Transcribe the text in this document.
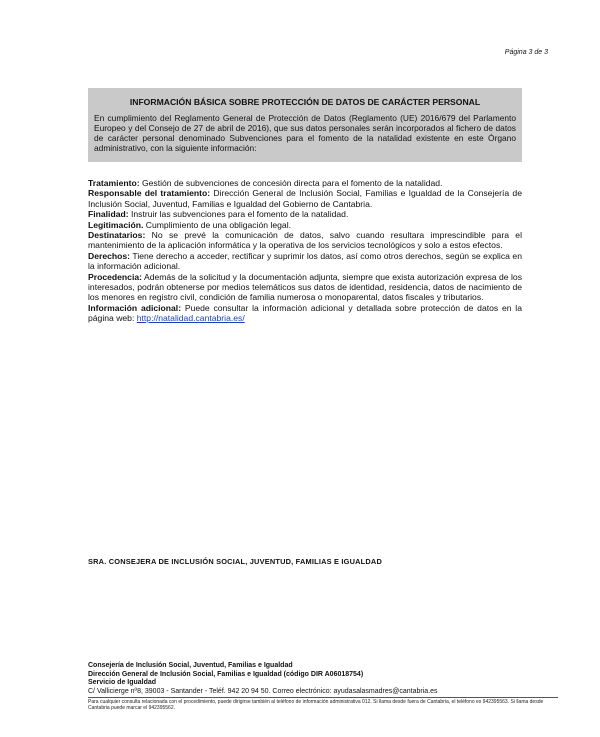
Página 3 de 3
INFORMACIÓN BÁSICA SOBRE PROTECCIÓN DE DATOS DE CARÁCTER PERSONAL

En cumplimiento del Reglamento General de Protección de Datos (Reglamento (UE) 2016/679 del Parlamento Europeo y del Consejo de 27 de abril de 2016), que sus datos personales serán incorporados al fichero de datos de carácter personal denominado Subvenciones para el fomento de la natalidad existente en este Órgano administrativo, con la siguiente información:

Tratamiento: Gestión de subvenciones de concesión directa para el fomento de la natalidad.

Responsable del tratamiento: Dirección General de Inclusión Social, Familias e Igualdad de la Consejería de Inclusión Social, Juventud, Familias e Igualdad del Gobierno de Cantabria.

Finalidad: Instruir las subvenciones para el fomento de la natalidad.

Legitimación. Cumplimiento de una obligación legal.

Destinatarios: No se prevé la comunicación de datos, salvo cuando resultara imprescindible para el mantenimiento de la aplicación informática y la operativa de los servicios tecnológicos y solo a estos efectos.

Derechos: Tiene derecho a acceder, rectificar y suprimir los datos, así como otros derechos, según se explica en la información adicional.

Procedencia: Además de la solicitud y la documentación adjunta, siempre que exista autorización expresa de los interesados, podrán obtenerse por medios telemáticos sus datos de identidad, residencia, datos de nacimiento de los menores en registro civil, condición de familia numerosa o monoparental, datos fiscales y tributarios.

Información adicional: Puede consultar la información adicional y detallada sobre protección de datos en la página web: http://natalidad.cantabria.es/

SRA. CONSEJERA DE INCLUSIÓN SOCIAL, JUVENTUD, FAMILIAS E IGUALDAD
Consejería de Inclusión Social, Juventud, Familias e Igualdad
Dirección General de Inclusión Social, Familias e Igualdad (código DIR A06018754)
Servicio de Igualdad
C/ Vallicierge nº8, 39003 - Santander - Teléf. 942 20 94 50. Correo electrónico: ayudasalasmadres@cantabria.es
Para cualquier consulta relacionada con el procedimiento, puede dirigirse también al teléfono de información administrativa 012. Si llama desde fuera de Cantabria, el teléfono es 942395563. Si llama desde Cantabria puede marcar el 942395562.
